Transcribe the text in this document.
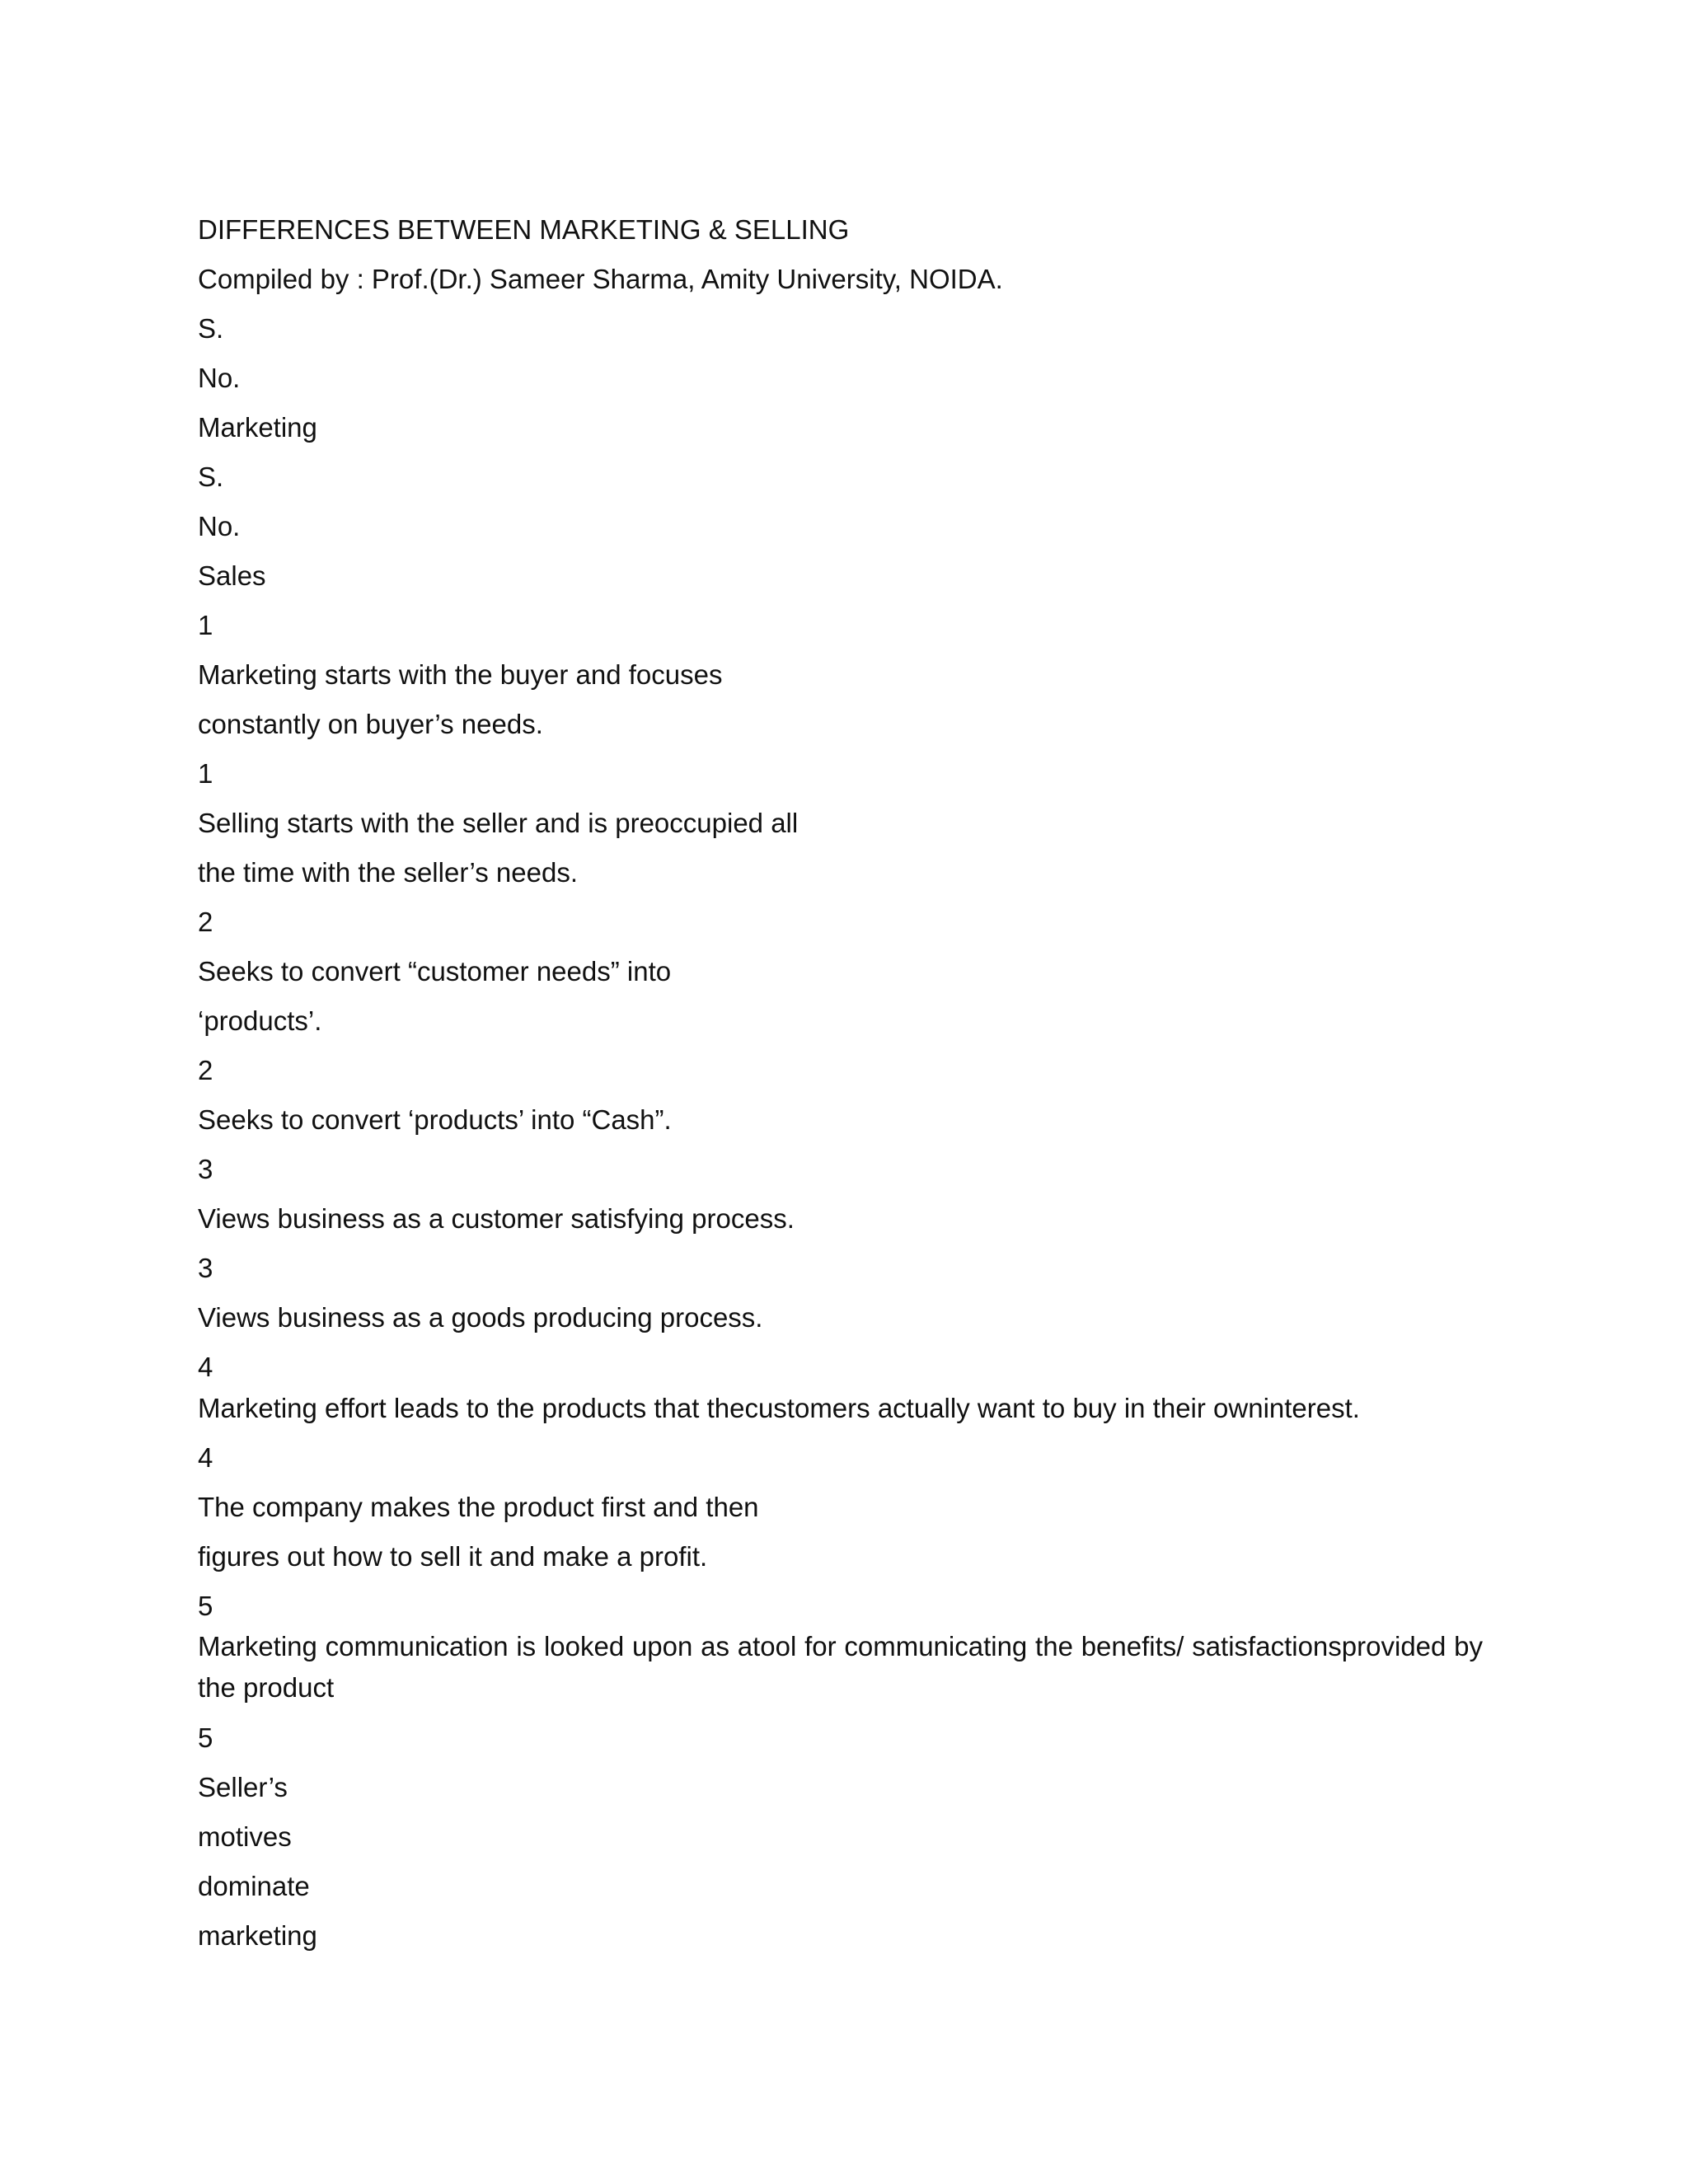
DIFFERENCES BETWEEN MARKETING & SELLING
Compiled by : Prof.(Dr.) Sameer Sharma, Amity University, NOIDA.
S.
No.
Marketing
S.
No.
Sales
1
Marketing starts with the buyer and focuses
constantly on buyer’s needs.
1
Selling starts with the seller and is preoccupied all
the time with the seller’s needs.
2
Seeks to convert “customer needs” into
‘products’.
2
Seeks to convert ‘products’ into “Cash”.
3
Views business as a customer satisfying process.
3
Views business as a goods producing process.
4
Marketing effort leads to the products that thecustomers actually want to buy in their owninterest.
4
The company makes the product first and then
figures out how to sell it and make a profit.
5
Marketing communication is looked upon as atool for communicating the benefits/ satisfactionsprovided by the product
5
Seller’s
motives
dominate
marketing
